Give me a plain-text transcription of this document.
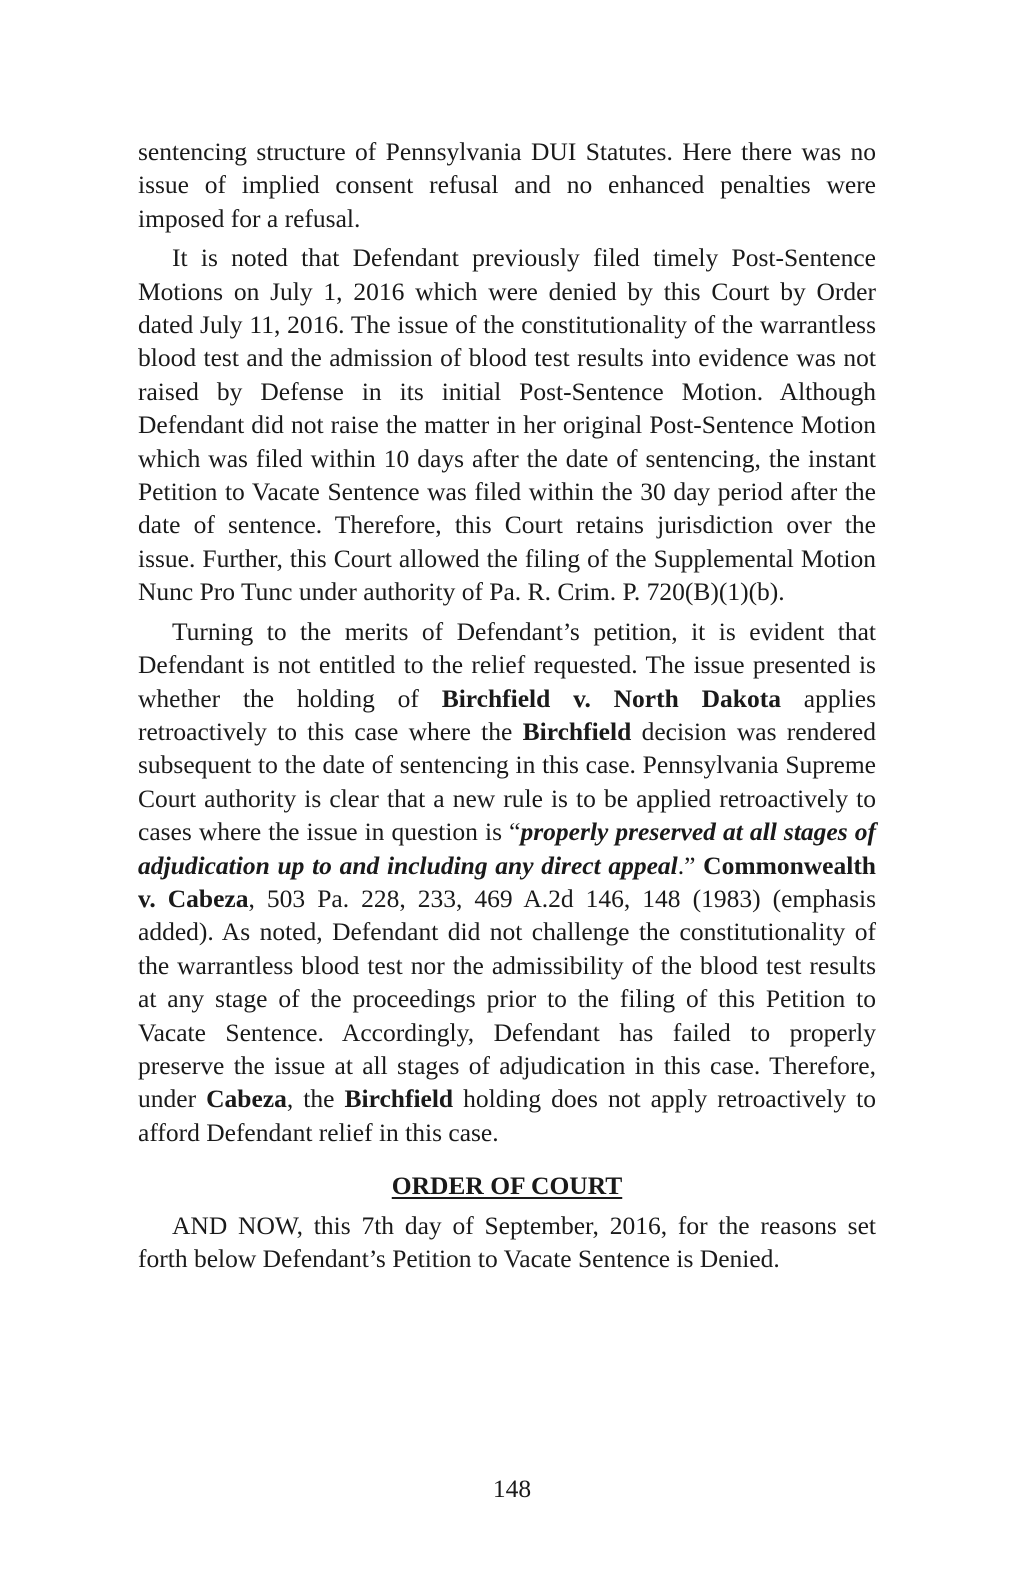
sentencing structure of Pennsylvania DUI Statutes. Here there was no issue of implied consent refusal and no enhanced penalties were imposed for a refusal.

It is noted that Defendant previously filed timely Post-Sentence Motions on July 1, 2016 which were denied by this Court by Order dated July 11, 2016. The issue of the constitutionality of the warrantless blood test and the admission of blood test results into evidence was not raised by Defense in its initial Post-Sentence Motion. Although Defendant did not raise the matter in her original Post-Sentence Motion which was filed within 10 days after the date of sentencing, the instant Petition to Vacate Sentence was filed within the 30 day period after the date of sentence. Therefore, this Court retains jurisdiction over the issue. Further, this Court allowed the filing of the Supplemental Motion Nunc Pro Tunc under authority of Pa. R. Crim. P. 720(B)(1)(b).

Turning to the merits of Defendant’s petition, it is evident that Defendant is not entitled to the relief requested. The issue presented is whether the holding of Birchfield v. North Dakota applies retroactively to this case where the Birchfield decision was rendered subsequent to the date of sentencing in this case. Pennsylvania Supreme Court authority is clear that a new rule is to be applied retroactively to cases where the issue in question is “properly preserved at all stages of adjudication up to and including any direct appeal.” Commonwealth v. Cabeza, 503 Pa. 228, 233, 469 A.2d 146, 148 (1983) (emphasis added). As noted, Defendant did not challenge the constitutionality of the warrantless blood test nor the admissibility of the blood test results at any stage of the proceedings prior to the filing of this Petition to Vacate Sentence. Accordingly, Defendant has failed to properly preserve the issue at all stages of adjudication in this case. Therefore, under Cabeza, the Birchfield holding does not apply retroactively to afford Defendant relief in this case.

ORDER OF COURT

AND NOW, this 7th day of September, 2016, for the reasons set forth below Defendant’s Petition to Vacate Sentence is Denied.

148
